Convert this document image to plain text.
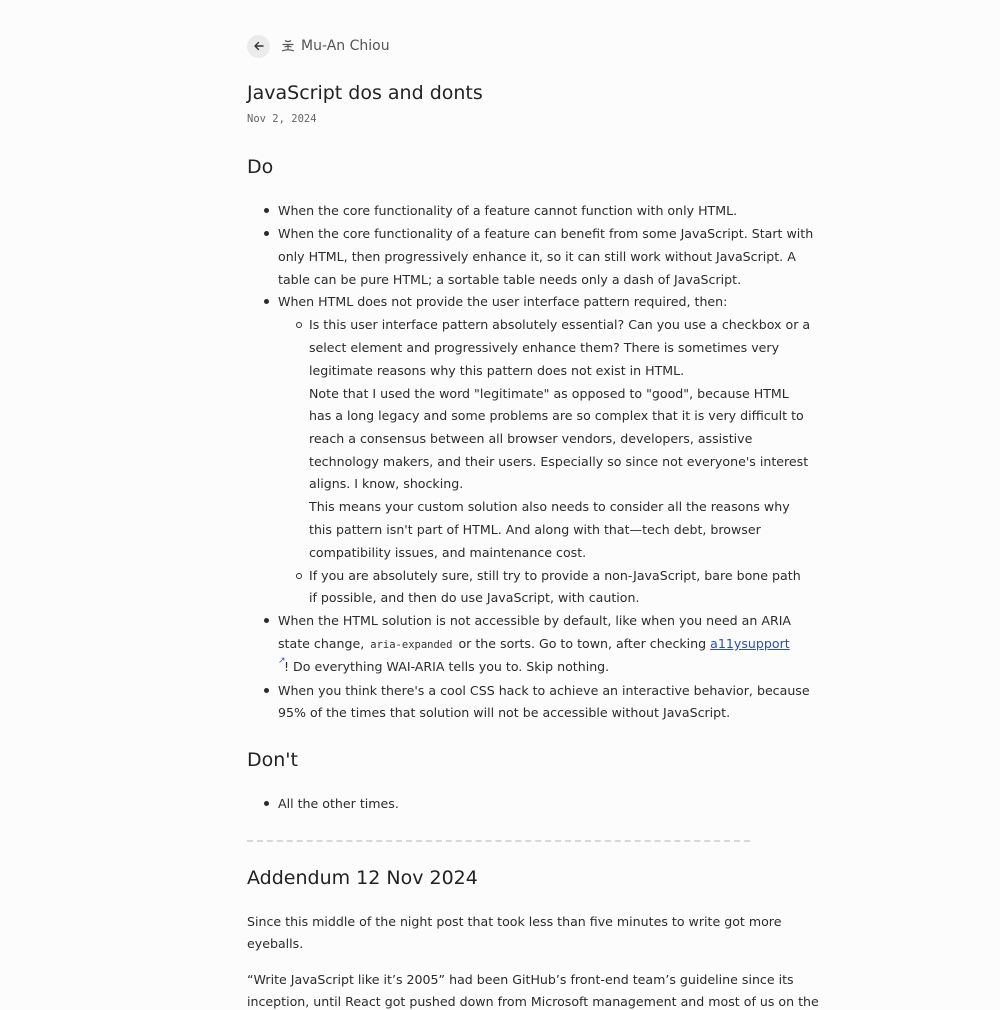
Mu-An Chiou
JavaScript dos and donts
Nov 2, 2024
Do
When the core functionality of a feature cannot function with only HTML.
When the core functionality of a feature can benefit from some JavaScript. Start with
only HTML, then progressively enhance it, so it can still work without JavaScript. A
table can be pure HTML; a sortable table needs only a dash of JavaScript.
When HTML does not provide the user interface pattern required, then:
Is this user interface pattern absolutely essential? Can you use a checkbox or a
select element and progressively enhance them? There is sometimes very
legitimate reasons why this pattern does not exist in HTML.
Note that I used the word "legitimate" as opposed to "good", because HTML
has a long legacy and some problems are so complex that it is very difficult to
reach a consensus between all browser vendors, developers, assistive
technology makers, and their users. Especially so since not everyone's interest
aligns. I know, shocking.
This means your custom solution also needs to consider all the reasons why
this pattern isn't part of HTML. And along with that—tech debt, browser
compatibility issues, and maintenance cost.
If you are absolutely sure, still try to provide a non-JavaScript, bare bone path
if possible, and then do use JavaScript, with caution.
When the HTML solution is not accessible by default, like when you need an ARIA
state change, aria-expanded or the sorts. Go to town, after checking a11ysupport
↗
! Do everything WAI-ARIA tells you to. Skip nothing.
When you think there's a cool CSS hack to achieve an interactive behavior, because
95% of the times that solution will not be accessible without JavaScript.
Don't
All the other times.
Addendum 12 Nov 2024
Since this middle of the night post that took less than five minutes to write got more
eyeballs.
“Write JavaScript like it’s 2005” had been GitHub’s front-end team’s guideline since its
inception, until React got pushed down from Microsoft management and most of us on the
